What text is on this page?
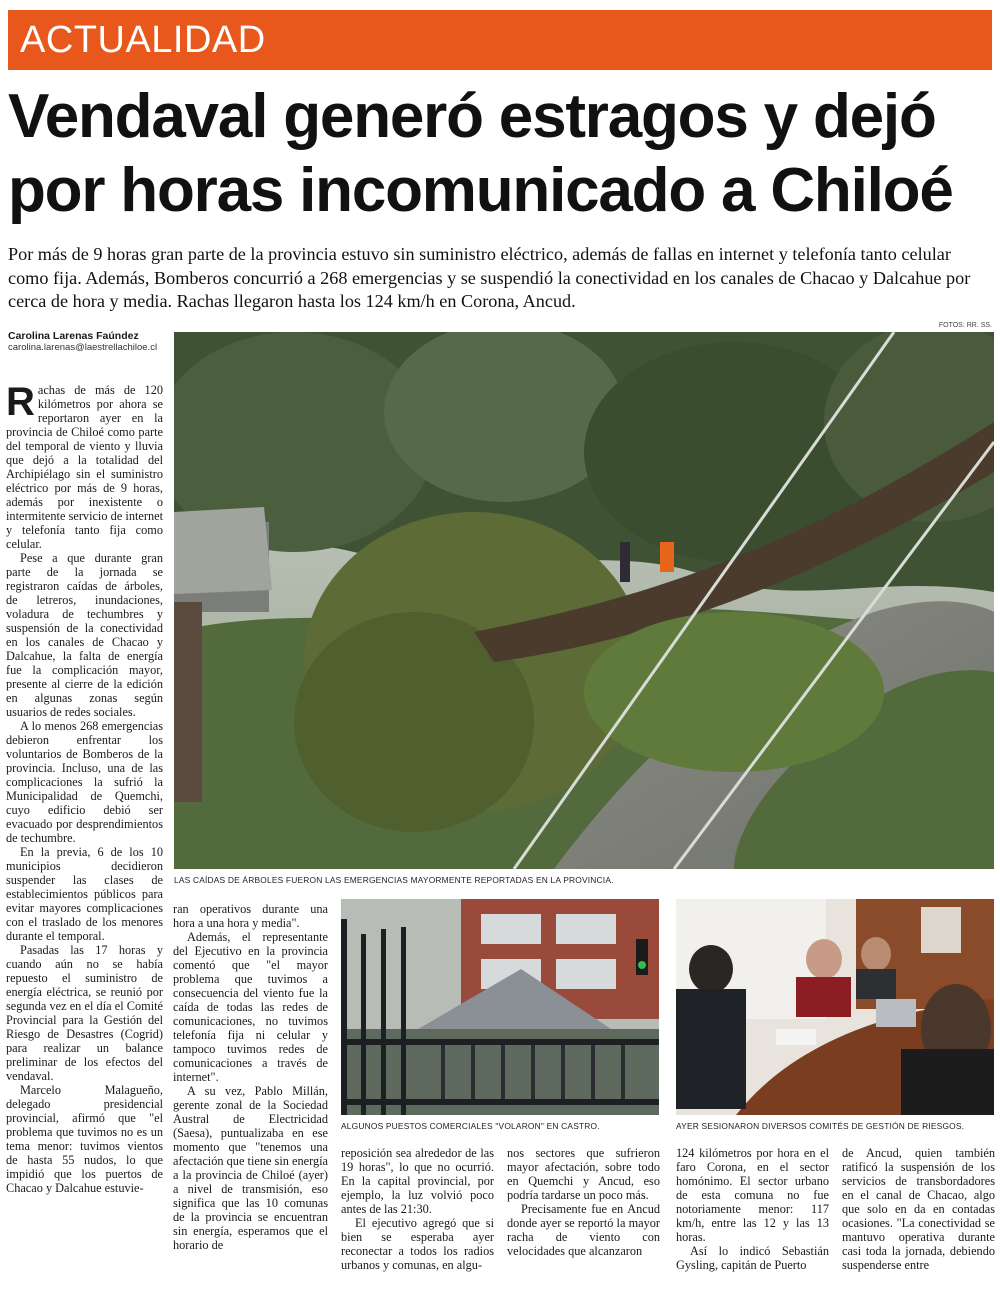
ACTUALIDAD
Vendaval generó estragos y dejó por horas incomunicado a Chiloé

Por más de 9 horas gran parte de la provincia estuvo sin suministro eléctrico, además de fallas en internet y telefonía tanto celular como fija. Además, Bomberos concurrió a 268 emergencias y se suspendió la conectividad en los canales de Chacao y Dalcahue por cerca de hora y media. Rachas llegaron hasta los 124 km/h en Corona, Ancud.

Carolina Larenas Faúndez
carolina.larenas@laestrellachiloe.cl
FOTOS: RR. SS.

Rachas de más de 120 kilómetros por ahora se reportaron ayer en la provincia de Chiloé como parte del temporal de viento y lluvia que dejó a la totalidad del Archipiélago sin el suministro eléctrico por más de 9 horas, además por inexistente o intermitente servicio de internet y telefonía tanto fija como celular.

Pese a que durante gran parte de la jornada se registraron caídas de árboles, de letreros, inundaciones, voladura de techumbres y suspensión de la conectividad en los canales de Chacao y Dalcahue, la falta de energía fue la complicación mayor, presente al cierre de la edición en algunas zonas según usuarios de redes sociales.

A lo menos 268 emergencias debieron enfrentar los voluntarios de Bomberos de la provincia. Incluso, una de las complicaciones la sufrió la Municipalidad de Quemchi, cuyo edificio debió ser evacuado por desprendimientos de techumbre.

En la previa, 6 de los 10 municipios decidieron suspender las clases de establecimientos públicos para evitar mayores complicaciones con el traslado de los menores durante el temporal.

Pasadas las 17 horas y cuando aún no se había repuesto el suministro de energía eléctrica, se reunió por segunda vez en el día el Comité Provincial para la Gestión del Riesgo de Desastres (Cogrid) para realizar un balance preliminar de los efectos del vendaval.

Marcelo Malagueño, delegado presidencial provincial, afirmó que "el problema que tuvimos no es un tema menor: tuvimos vientos de hasta 55 nudos, lo que impidió que los puertos de Chacao y Dalcahue estuvie-

LAS CAÍDAS DE ÁRBOLES FUERON LAS EMERGENCIAS MAYORMENTE REPORTADAS EN LA PROVINCIA.

ran operativos durante una hora a una hora y media".

Además, el representante del Ejecutivo en la provincia comentó que "el mayor problema que tuvimos a consecuencia del viento fue la caída de todas las redes de comunicaciones, no tuvimos telefonía fija ni celular y tampoco tuvimos redes de comunicaciones a través de internet".

A su vez, Pablo Millán, gerente zonal de la Sociedad Austral de Electricidad (Saesa), puntualizaba en ese momento que "tenemos una afectación que tiene sin energía a la provincia de Chiloé (ayer) a nivel de transmisión, eso significa que las 10 comunas de la provincia se encuentran sin energía, esperamos que el horario de

ALGUNOS PUESTOS COMERCIALES "VOLARON" EN CASTRO.	AYER SESIONARON DIVERSOS COMITÉS DE GESTIÓN DE RIESGOS.

reposición sea alrededor de las 19 horas", lo que no ocurrió. En la capital provincial, por ejemplo, la luz volvió poco antes de las 21:30.

El ejecutivo agregó que si bien se esperaba ayer reconectar a todos los radios urbanos y comunas, en algu-

nos sectores que sufrieron mayor afectación, sobre todo en Quemchi y Ancud, eso podría tardarse un poco más.

Precisamente fue en Ancud donde ayer se reportó la mayor racha de viento con velocidades que alcanzaron

124 kilómetros por hora en el faro Corona, en el sector homónimo. El sector urbano de esta comuna no fue notoriamente menor: 117 km/h, entre las 12 y las 13 horas.

Así lo indicó Sebastián Gysling, capitán de Puerto

de Ancud, quien también ratificó la suspensión de los servicios de transbordadores en el canal de Chacao, algo que solo en da en contadas ocasiones. "La conectividad se mantuvo operativa durante casi toda la jornada, debiendo suspenderse entre
